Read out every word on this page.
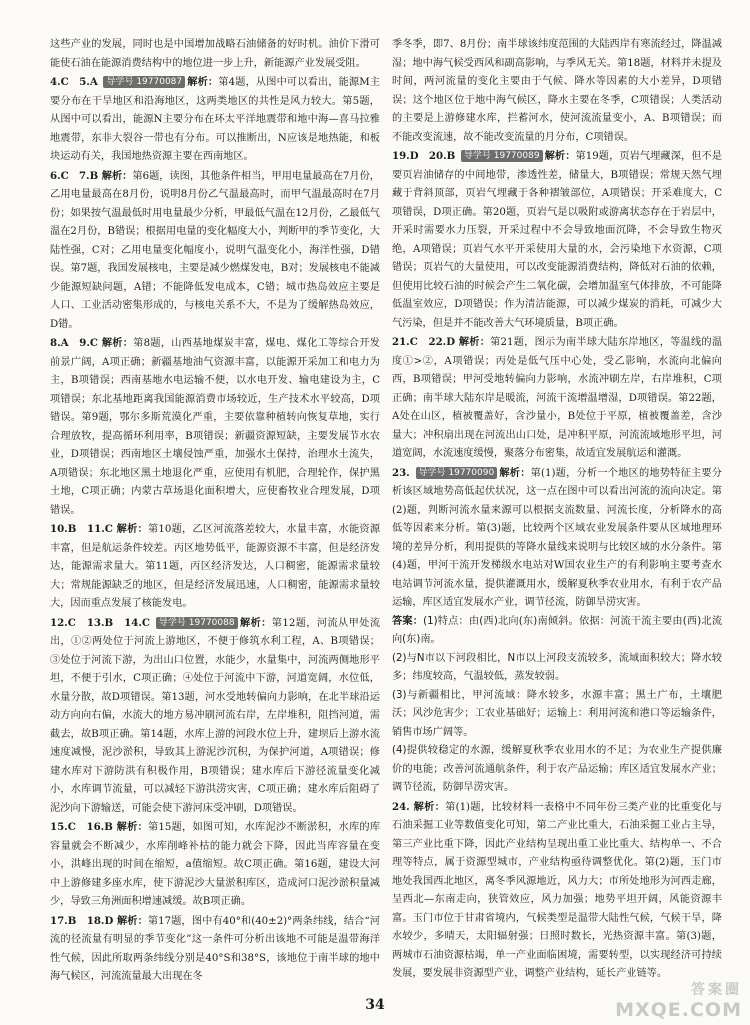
这些产业的发展，同时也是中国增加战略石油储备的好时机。油价下滑可能使石油在能源消费结构中的地位进一步上升，新能源产业发展受阻。

4.C　5.A 导学号 19770087 解析：第4题，从图中可以看出，能源M主要分布在干旱地区和沿海地区，这两类地区的共性是风力较大。第5题，从图中可以看出，能源N主要分布在环太平洋地震带和地中海—喜马拉雅地震带，东非大裂谷一带也有分布。可以推断出，N应该是地热能，和板块运动有关，我国地热资源主要在西南地区。

6.C　7.B 解析：第6题，读图，其他条件相当，甲用电量最高在7月份，乙用电量最高在8月份，说明8月份乙气温最高时，而甲气温最高时在7月份；如果按气温最低时用电量最少分析，甲最低气温在12月份，乙最低气温在2月份，B错误；根据用电量的变化幅度大小，判断甲的季节变化，大陆性强，C对；乙用电量变化幅度小，说明气温变化小，海洋性强，D错误。第7题，我国发展核电，主要是减少燃煤发电，B对；发展核电不能减少能源短缺问题，A错；不能降低发电成本，C错；城市热岛效应主要是人口、工业活动密集形成的，与核电关系不大，不是为了缓解热岛效应，D错。

8.A　9.C 解析：第8题，山西基地煤炭丰富，煤电、煤化工等综合开发前景广阔，A项正确；新疆基地油气资源丰富，以能源开采加工和电力为主，B项错误；西南基地水电运输不便，以水电开发、输电建设为主，C项错误；东北基地距离我国能源消费市场较近，生产技术水平较高，D项错误。第9题，鄂尔多斯荒漠化严重，主要依靠种植转向恢复草地，实行合理放牧，提高循环利用率，B项错误；新疆资源短缺，主要发展节水农业，D项错误；西南地区土壤侵蚀严重，加强水土保持，治理水土流失，A项错误；东北地区黑土地退化严重，应使用有机肥，合理轮作，保护黑土地，C项正确；内蒙古草场退化面积增大，应使畜牧业合理发展，D项错误。

10.B　11.C 解析：第10题，乙区河流落差较大，水量丰富，水能资源丰富，但是航运条件较差。丙区地势低平，能源资源不丰富，但是经济发达，能源需求量大。第11题，丙区经济发达，人口稠密，能源需求量较大；常规能源缺乏的地区，但是经济发展迅速，人口稠密，能源需求量较大，因而重点发展了核能发电。

12.C　13.B　14.C 导学号 19770088 解析：第12题，河流从甲处流出，①②两处位于河流上游地区，不便于修筑水利工程，A、B项错误；③处位于河流下游，为出山口位置，水能少，水量集中，河流两侧地形平坦，不便于引水，C项正确；④处位于河流中下游，河道宽阔，水位低，水量分散，故D项错误。第13题，河水受地转偏向力影响，在北半球沿运动方向向右偏，水流大的地方易冲刷河流右岸，左岸堆积，阻挡河道，需截去，故B项正确。第14题，水库上游的河段水位上升，建坝后上游水流速度减慢，泥沙淤积，导致其上游泥沙沉积，为保护河道，A项错误；修建水库对下游防洪有积极作用，B项错误；建水库后下游径流量变化减小，水库调节流量，可以减轻下游洪涝灾害，C项正确；建水库后阻碍了泥沙向下游输送，可能会使下游河床受冲刷，D项错误。

15.C　16.B 解析：第15题，如图可知，水库泥沙不断淤积，水库的库容量就会不断减少，水库削峰补枯的能力就会下降，因此当库容量在变小，洪峰出现的时间在缩短，a值缩短。故C项正确。第16题，建设大河中上游修建多座水库，使下游泥沙大量淤积库区，造成河口泥沙淤积量减少，导致三角洲面积增速减缓。故B项正确。

17.B　18.D 解析：第17题，图中有40°和(40±2)°两条纬线，结合“河流的径流量有明显的季节变化”这一条件可分析出该地不可能是温带海洋性气候，因此所取两条纬线分别是40°S和38°S，该地位于南半球的地中海气候区，河流流量最大出现在冬

季冬季，即7、8月份；南半球该纬度范围的大陆西岸有寒流经过，降温减湿；地中海气候受西风和副高影响，与季风无关。第18题，材料并未提及时间，两河流量的变化主要由于气候、降水等因素的大小差异，D项错误；这个地区位于地中海气候区，降水主要在冬季，C项错误；人类活动的主要是上游修建水库，拦蓄河水，使河流流量变小，A、B项错误；而不能改变流速，故不能改变流量的月分布，C项错误。

19.D　20.B 导学号 19770089 解析：第19题，页岩气埋藏深，但不是要页岩油储存的中间地带，渗透性差，储量大，B项错误；常规天然气埋藏于背斜顶部，页岩气埋藏于各种褶皱部位，A项错误；开采难度大，C项错误，D项正确。第20题，页岩气是以吸附或游离状态存在于岩层中，开采时需要水力压裂，开采过程中不会导致地面沉降，不会导致生物灭绝，A项错误；页岩气水平开采使用大量的水，会污染地下水资源，C项错误；页岩气的大量使用，可以改变能源消费结构，降低对石油的依赖，但使用比较石油的时候会产生二氧化碳，会增加温室气体排放，不可能降低温室效应，D项错误；作为清洁能源，可以减少煤炭的消耗，可减少大气污染，但是并不能改善大气环境质量，B项正确。

21.C　22.D 解析：第21题，图示为南半球大陆东岸地区，等温线的温度①>②，A项错误；丙处是低气压中心处，受乙影响，水流向北偏向西，B项错误；甲河受地转偏向力影响，水流冲刷左岸，右岸堆积，C项正确；南半球大陆东岸是暖流，河流干流增温增湿，D项错误。第22题，A处在山区，植被覆盖好，含沙量小，B处位于平原，植被覆盖差，含沙量大；冲积扇出现在河流出山口处，是冲积平原，河流流域地形平坦，河道宽阔，水流速度缓慢，聚落分布密集，故适宜发展航运和灌溉。

23. 导学号 19770090 解析：第(1)题，分析一个地区的地势特征主要分析该区域地势高低起伏状况，这一点在图中可以看出河流的流向决定。第(2)题，判断河流水量来源可以根据支流数量、河流长度，分析降水的高低等因素来分析。第(3)题，比较两个区域农业发展条件要从区域地理环境的差异分析，利用提供的等降水量线来说明与比较区域的水分条件。第(4)题，甲河干流开发梯级水电站对W国农业生产的有利影响主要考查水电站调节河流水量，提供灌溉用水，缓解夏秋季农业用水，有利于农产品运输，库区适宜发展水产业，调节径流，防御旱涝灾害。

答案：(1)特点：由(西)北向(东)南倾斜。依据：河流干流主要由(西)北流向(东)南。

(2)与N市以下河段相比，N市以上河段支流较多，流域面积较大；降水较多；纬度较高，气温较低，蒸发较弱。

(3)与新疆相比，甲河流域：降水较多，水源丰富；黑土广布，土壤肥沃；风沙危害少；工农业基础好；运输上：利用河流和港口等运输条件，销售市场广阔等。

(4)提供较稳定的水源，缓解夏秋季农业用水的不足；为农业生产提供廉价的电能；改善河流通航条件，利于农产品运输；库区适宜发展水产业；调节径流，防御旱涝灾害。

24. 解析：第(1)题，比较材料一表格中不同年份三类产业的比重变化与石油采掘工业等数值变化可知，第二产业比重大，石油采掘工业占主导，第三产业比重下降，因此产业结构呈现出重工业比重大、结构单一、不合理等特点，属于资源型城市，产业结构亟待调整优化。第(2)题，玉门市地处我国西北地区，离冬季风源地近，风力大；市所处地形为河西走廊，呈西北—东南走向，狭管效应，风力加强；地势平坦开阔，风能资源丰富。玉门市位于甘肃省境内，气候类型是温带大陆性气候，气候干旱，降水较少，多晴天，太阳辐射强；日照时数长，光热资源丰富。第(3)题，两城市石油资源枯竭，单一产业面临困境，需要转型，以实现经济可持续发展，要发展非资源型产业，调整产业结构，延长产业链等。

34
答案圈
MXQE.COM
